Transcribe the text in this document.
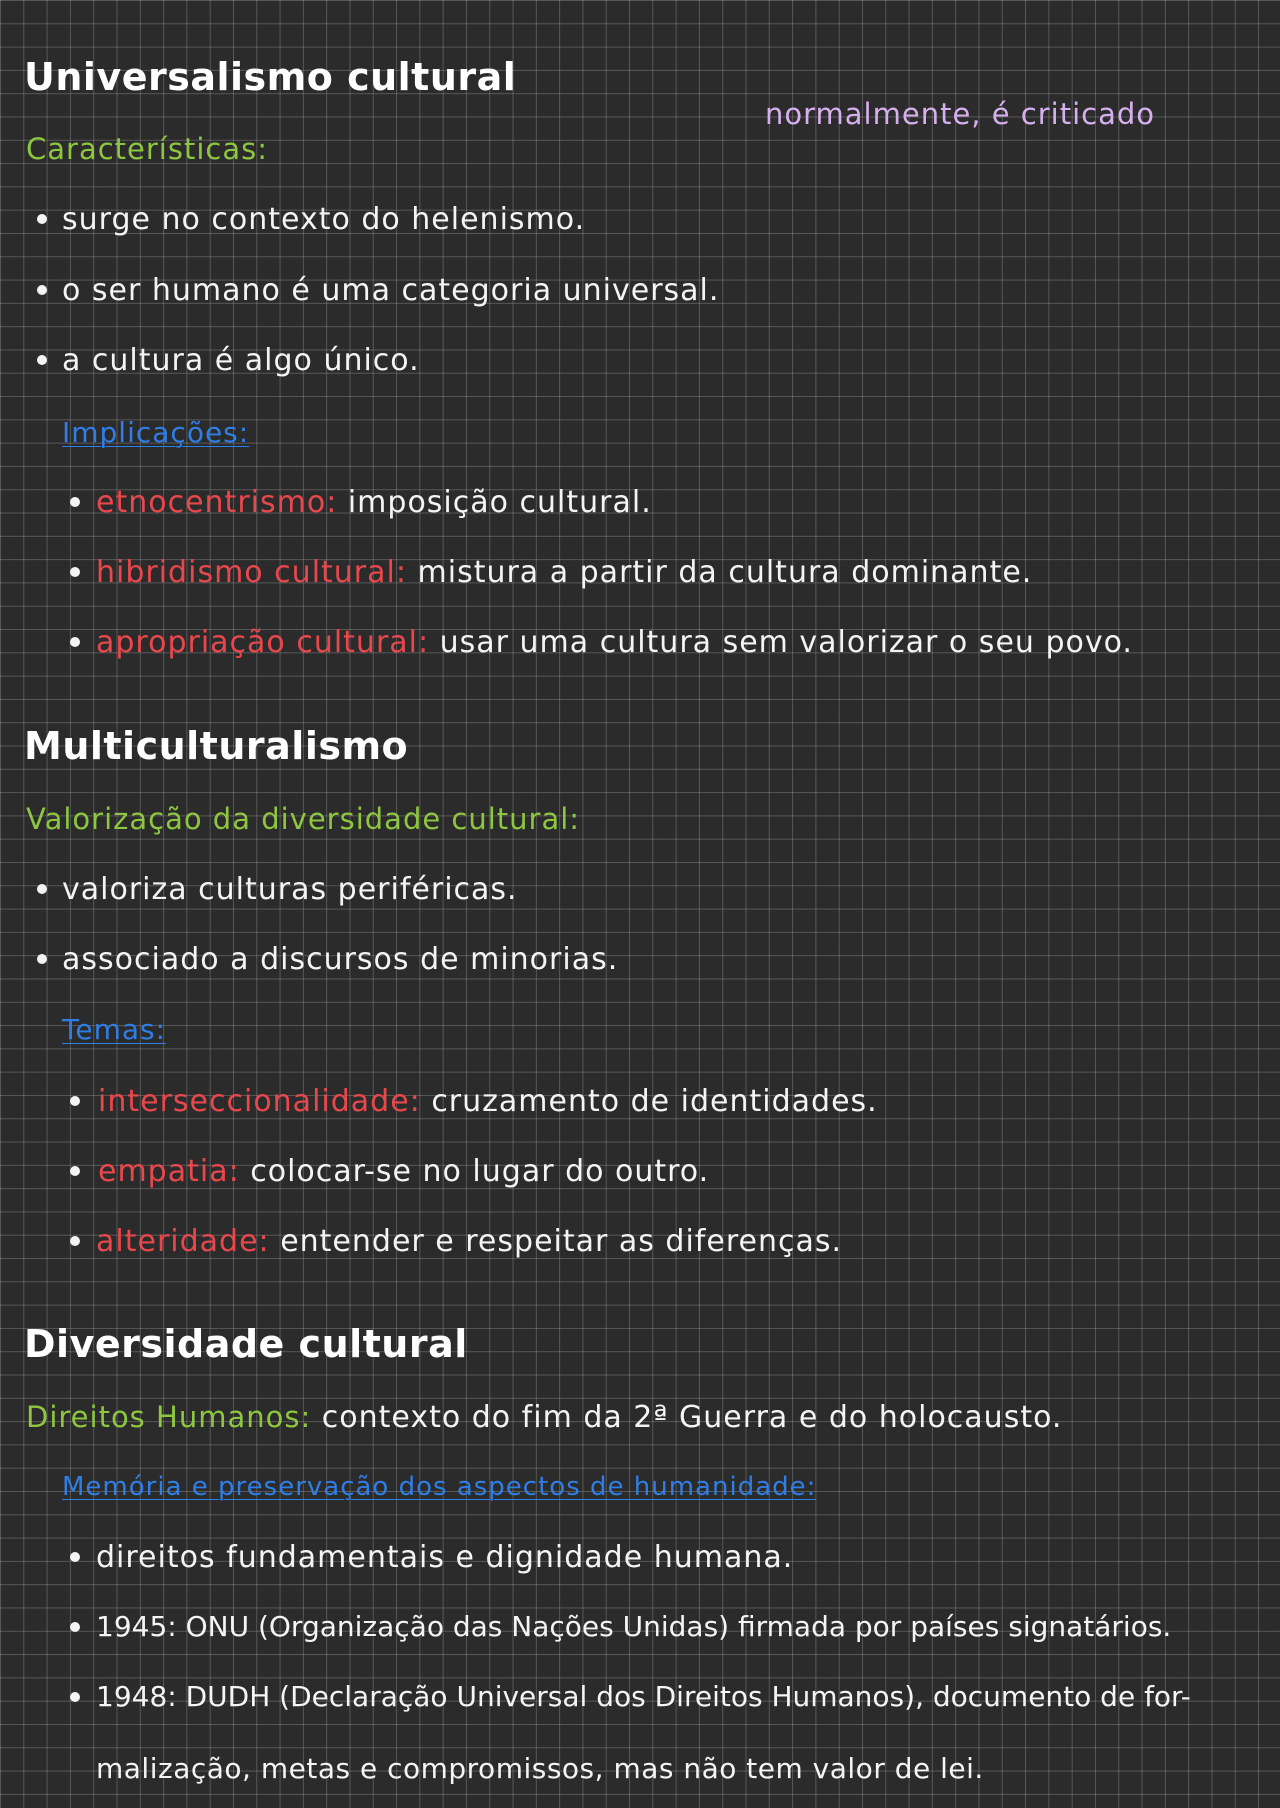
Universalismo cultural
normalmente, é criticado
Características:
surge no contexto do helenismo.
o ser humano é uma categoria universal.
a cultura é algo único.
Implicações:
etnocentrismo: imposição cultural.
hibridismo cultural: mistura a partir da cultura dominante.
apropriação cultural: usar uma cultura sem valorizar o seu povo.
Multiculturalismo
Valorização da diversidade cultural:
valoriza culturas periféricas.
associado a discursos de minorias.
Temas:
interseccionalidade: cruzamento de identidades.
empatia: colocar-se no lugar do outro.
alteridade: entender e respeitar as diferenças.
Diversidade cultural
Direitos Humanos: contexto do fim da 2ª Guerra e do holocausto.
Memória e preservação dos aspectos de humanidade:
direitos fundamentais e dignidade humana.
1945: ONU (Organização das Nações Unidas) firmada por países signatários.
1948: DUDH (Declaração Universal dos Direitos Humanos), documento de for-
malização, metas e compromissos, mas não tem valor de lei.
